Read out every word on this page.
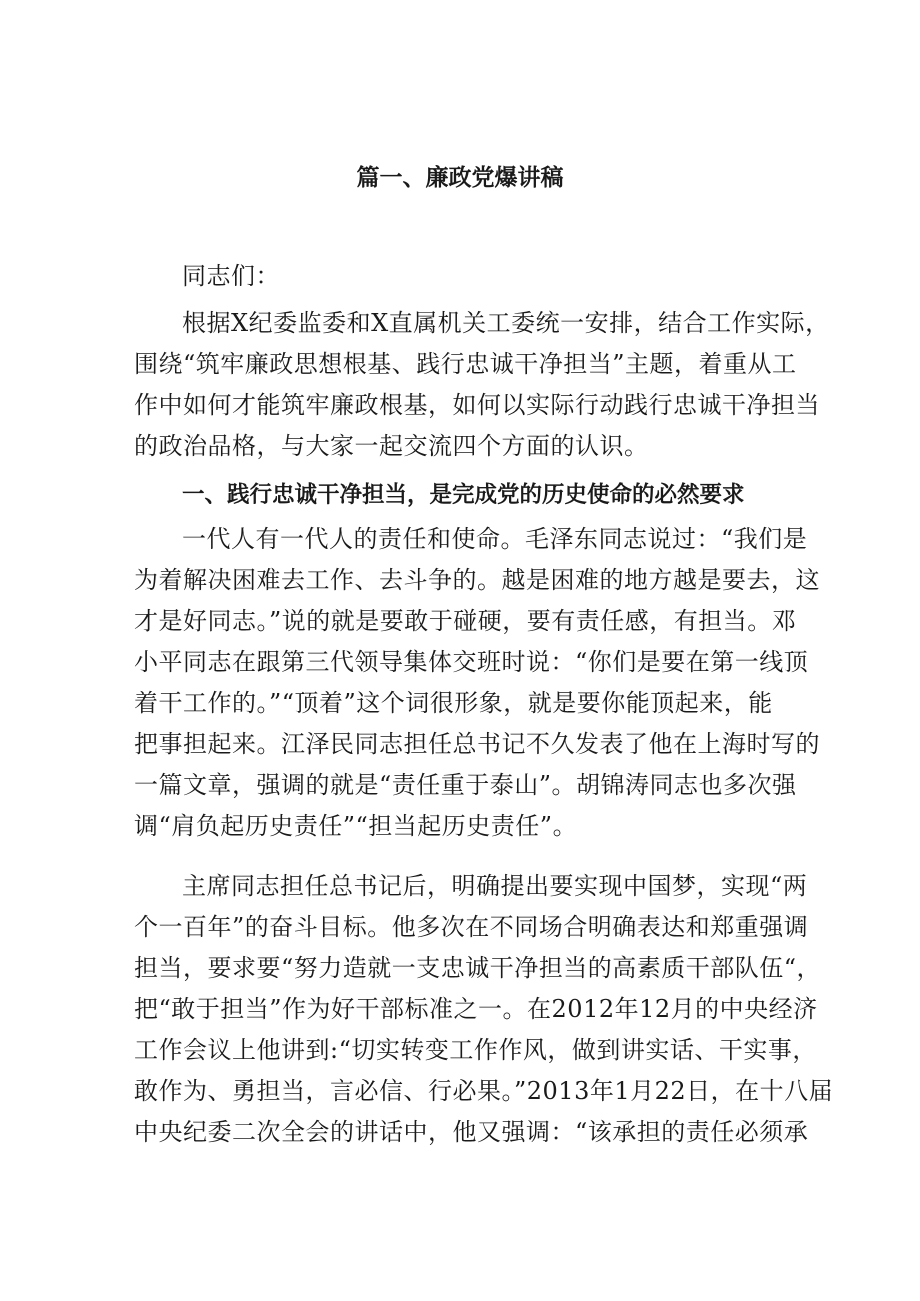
篇一、廉政党爆讲稿
同志们：
根据X纪委监委和X直属机关工委统一安排，结合工作实际，
围绕“筑牢廉政思想根基、践行忠诚干净担当”主题，着重从工
作中如何才能筑牢廉政根基，如何以实际行动践行忠诚干净担当
的政治品格，与大家一起交流四个方面的认识。
一、践行忠诚干净担当，是完成党的历史使命的必然要求
一代人有一代人的责任和使命。毛泽东同志说过：“我们是
为着解决困难去工作、去斗争的。越是困难的地方越是要去，这
才是好同志。”说的就是要敢于碰硬，要有责任感，有担当。邓
小平同志在跟第三代领导集体交班时说：“你们是要在第一线顶
着干工作的。”“顶着”这个词很形象，就是要你能顶起来，能
把事担起来。江泽民同志担任总书记不久发表了他在上海时写的
一篇文章，强调的就是“责任重于泰山”。胡锦涛同志也多次强
调“肩负起历史责任”“担当起历史责任”。
主席同志担任总书记后，明确提出要实现中国梦，实现“两
个一百年”的奋斗目标。他多次在不同场合明确表达和郑重强调
担当，要求要“努力造就一支忠诚干净担当的高素质干部队伍“，
把“敢于担当”作为好干部标准之一。在2012年12月的中央经济
工作会议上他讲到:“切实转变工作作风，做到讲实话、干实事，
敢作为、勇担当，言必信、行必果。”2013年1月22日，在十八届
中央纪委二次全会的讲话中，他又强调：“该承担的责任必须承
